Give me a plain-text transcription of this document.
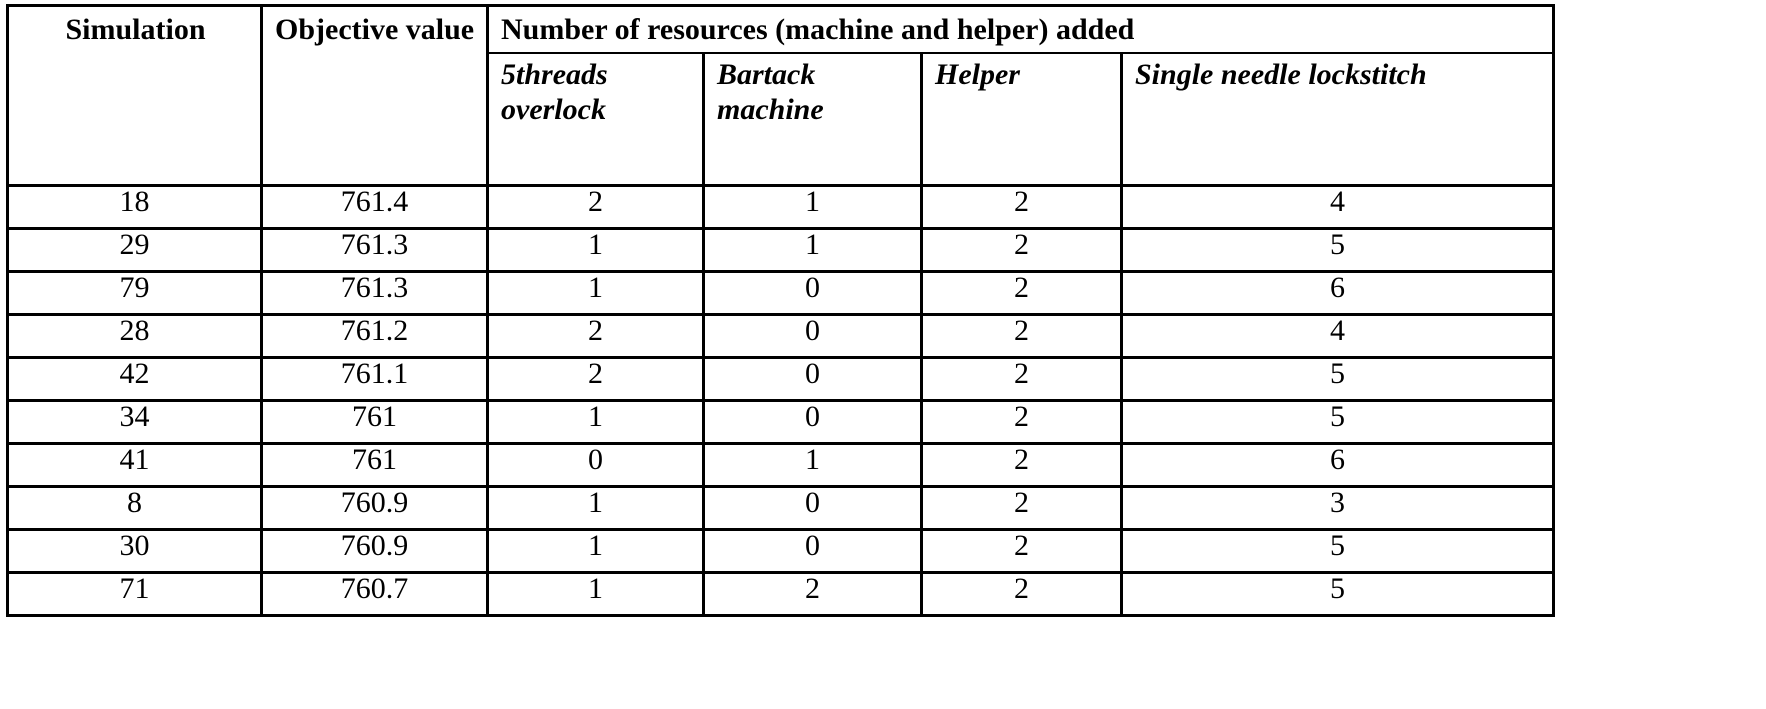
Simulation	Objective value	Number of resources (machine and helper) added			

		5threads overlock	Bartack machine	Helper	Single needle lockstitch

18	761.4	2	1	2	4
29	761.3	1	1	2	5
79	761.3	1	0	2	6
28	761.2	2	0	2	4
42	761.1	2	0	2	5
34	761	1	0	2	5
41	761	0	1	2	6
8	760.9	1	0	2	3
30	760.9	1	0	2	5
71	760.7	1	2	2	5
